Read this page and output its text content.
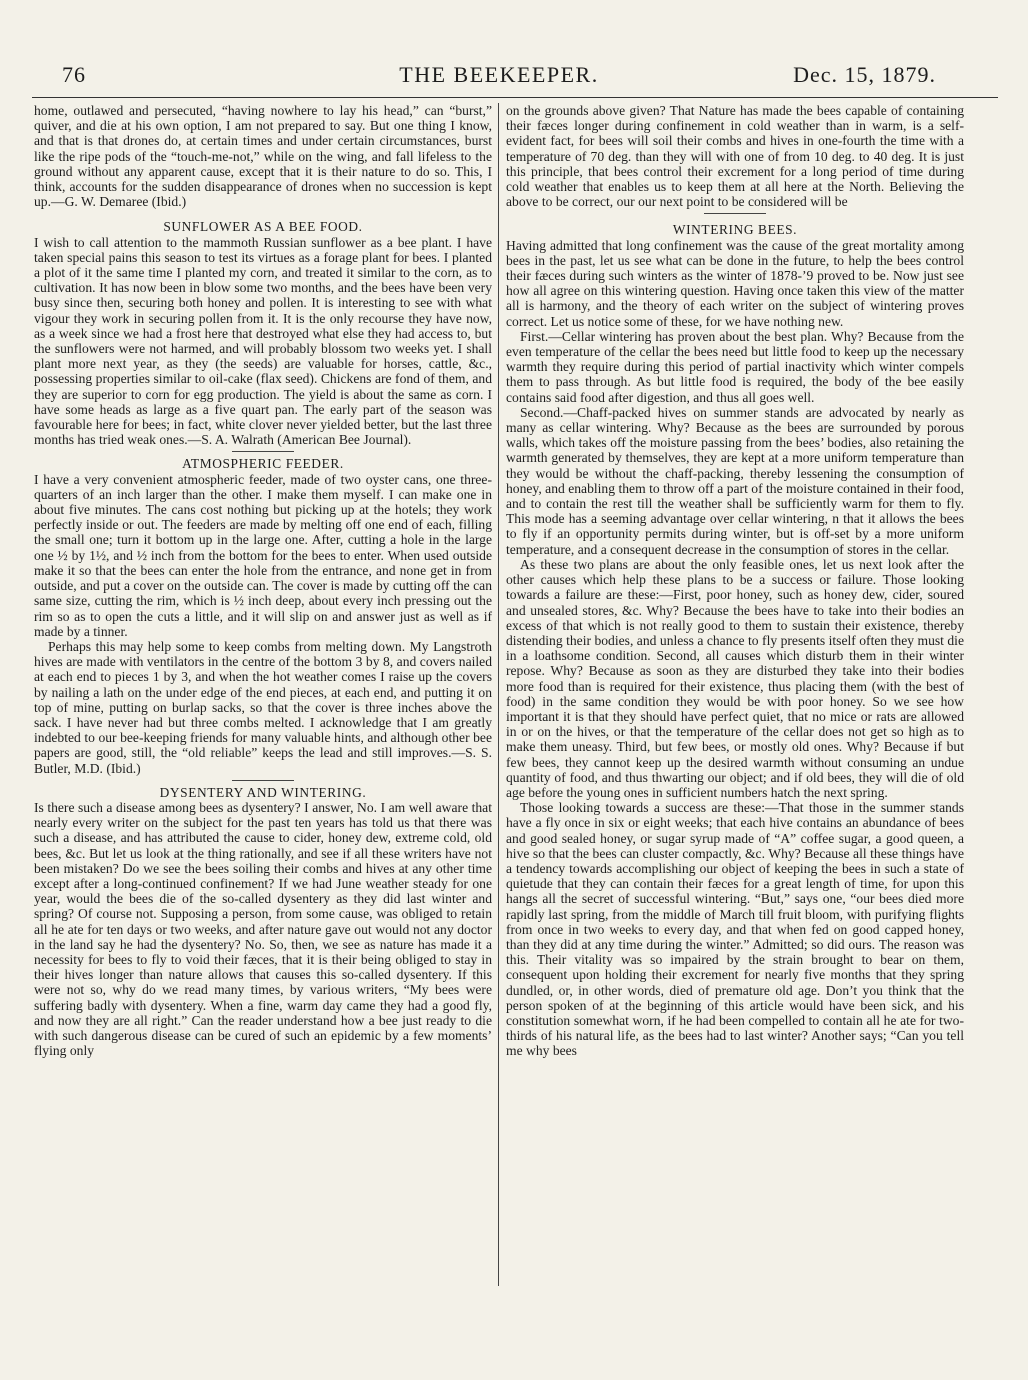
76	THE BEEKEEPER.	Dec. 15, 1879.

home, outlawed and persecuted, “having nowhere to lay his head,” can “burst,” quiver, and die at his own option, I am not prepared to say. But one thing I know, and that is that drones do, at certain times and under certain circumstances, burst like the ripe pods of the “touch-me-not,” while on the wing, and fall lifeless to the ground without any apparent cause, except that it is their nature to do so. This, I think, accounts for the sudden disappearance of drones when no succession is kept up.—G. W. Demaree (Ibid.)

SUNFLOWER AS A BEE FOOD.

I wish to call attention to the mammoth Russian sunflower as a bee plant. I have taken special pains this season to test its virtues as a forage plant for bees. I planted a plot of it the same time I planted my corn, and treated it similar to the corn, as to cultivation. It has now been in blow some two months, and the bees have been very busy since then, securing both honey and pollen. It is interesting to see with what vigour they work in securing pollen from it. It is the only recourse they have now, as a week since we had a frost here that destroyed what else they had access to, but the sunflowers were not harmed, and will probably blossom two weeks yet. I shall plant more next year, as they (the seeds) are valuable for horses, cattle, &c., possessing properties similar to oil-cake (flax seed). Chickens are fond of them, and they are superior to corn for egg production. The yield is about the same as corn. I have some heads as large as a five quart pan. The early part of the season was favourable here for bees; in fact, white clover never yielded better, but the last three months has tried weak ones.—S. A. Walrath (American Bee Journal).

ATMOSPHERIC FEEDER.

I have a very convenient atmospheric feeder, made of two oyster cans, one three-quarters of an inch larger than the other. I make them myself. I can make one in about five minutes. The cans cost nothing but picking up at the hotels; they work perfectly inside or out. The feeders are made by melting off one end of each, filling the small one; turn it bottom up in the large one. After, cutting a hole in the large one ½ by 1½, and ½ inch from the bottom for the bees to enter. When used outside make it so that the bees can enter the hole from the entrance, and none get in from outside, and put a cover on the outside can. The cover is made by cutting off the can same size, cutting the rim, which is ½ inch deep, about every inch pressing out the rim so as to open the cuts a little, and it will slip on and answer just as well as if made by a tinner.

Perhaps this may help some to keep combs from melting down. My Langstroth hives are made with ventilators in the centre of the bottom 3 by 8, and covers nailed at each end to pieces 1 by 3, and when the hot weather comes I raise up the covers by nailing a lath on the under edge of the end pieces, at each end, and putting it on top of mine, putting on burlap sacks, so that the cover is three inches above the sack. I have never had but three combs melted. I acknowledge that I am greatly indebted to our bee-keeping friends for many valuable hints, and although other bee papers are good, still, the “old reliable” keeps the lead and still improves.—S. S. Butler, M.D. (Ibid.)

DYSENTERY AND WINTERING.

Is there such a disease among bees as dysentery? I answer, No. I am well aware that nearly every writer on the subject for the past ten years has told us that there was such a disease, and has attributed the cause to cider, honey dew, extreme cold, old bees, &c. But let us look at the thing rationally, and see if all these writers have not been mistaken? Do we see the bees soiling their combs and hives at any other time except after a long-continued confinement? If we had June weather steady for one year, would the bees die of the so-called dysentery as they did last winter and spring? Of course not. Supposing a person, from some cause, was obliged to retain all he ate for ten days or two weeks, and after nature gave out would not any doctor in the land say he had the dysentery? No. So, then, we see as nature has made it a necessity for bees to fly to void their fæces, that it is their being obliged to stay in their hives longer than nature allows that causes this so-called dysentery. If this were not so, why do we read many times, by various writers, “My bees were suffering badly with dysentery. When a fine, warm day came they had a good fly, and now they are all right.” Can the reader understand how a bee just ready to die with such dangerous disease can be cured of such an epidemic by a few moments’ flying only

on the grounds above given? That Nature has made the bees capable of containing their fæces longer during confinement in cold weather than in warm, is a self-evident fact, for bees will soil their combs and hives in one-fourth the time with a temperature of 70 deg. than they will with one of from 10 deg. to 40 deg. It is just this principle, that bees control their excrement for a long period of time during cold weather that enables us to keep them at all here at the North. Believing the above to be correct, our our next point to be considered will be

WINTERING BEES.

Having admitted that long confinement was the cause of the great mortality among bees in the past, let us see what can be done in the future, to help the bees control their fæces during such winters as the winter of 1878-’9 proved to be. Now just see how all agree on this wintering question. Having once taken this view of the matter all is harmony, and the theory of each writer on the subject of wintering proves correct. Let us notice some of these, for we have nothing new.

First.—Cellar wintering has proven about the best plan. Why? Because from the even temperature of the cellar the bees need but little food to keep up the necessary warmth they require during this period of partial inactivity which winter compels them to pass through. As but little food is required, the body of the bee easily contains said food after digestion, and thus all goes well.

Second.—Chaff-packed hives on summer stands are advocated by nearly as many as cellar wintering. Why? Because as the bees are surrounded by porous walls, which takes off the moisture passing from the bees’ bodies, also retaining the warmth generated by themselves, they are kept at a more uniform temperature than they would be without the chaff-packing, thereby lessening the consumption of honey, and enabling them to throw off a part of the moisture contained in their food, and to contain the rest till the weather shall be sufficiently warm for them to fly. This mode has a seeming advantage over cellar wintering, n that it allows the bees to fly if an opportunity permits during winter, but is off-set by a more uniform temperature, and a consequent decrease in the consumption of stores in the cellar.

As these two plans are about the only feasible ones, let us next look after the other causes which help these plans to be a success or failure. Those looking towards a failure are these:—First, poor honey, such as honey dew, cider, soured and unsealed stores, &c. Why? Because the bees have to take into their bodies an excess of that which is not really good to them to sustain their existence, thereby distending their bodies, and unless a chance to fly presents itself often they must die in a loathsome condition. Second, all causes which disturb them in their winter repose. Why? Because as soon as they are disturbed they take into their bodies more food than is required for their existence, thus placing them (with the best of food) in the same condition they would be with poor honey. So we see how important it is that they should have perfect quiet, that no mice or rats are allowed in or on the hives, or that the temperature of the cellar does not get so high as to make them uneasy. Third, but few bees, or mostly old ones. Why? Because if but few bees, they cannot keep up the desired warmth without consuming an undue quantity of food, and thus thwarting our object; and if old bees, they will die of old age before the young ones in sufficient numbers hatch the next spring.

Those looking towards a success are these:—That those in the summer stands have a fly once in six or eight weeks; that each hive contains an abundance of bees and good sealed honey, or sugar syrup made of “A” coffee sugar, a good queen, a hive so that the bees can cluster compactly, &c. Why? Because all these things have a tendency towards accomplishing our object of keeping the bees in such a state of quietude that they can contain their fæces for a great length of time, for upon this hangs all the secret of successful wintering. “But,” says one, “our bees died more rapidly last spring, from the middle of March till fruit bloom, with purifying flights from once in two weeks to every day, and that when fed on good capped honey, than they did at any time during the winter.” Admitted; so did ours. The reason was this. Their vitality was so impaired by the strain brought to bear on them, consequent upon holding their excrement for nearly five months that they spring dundled, or, in other words, died of premature old age. Don’t you think that the person spoken of at the beginning of this article would have been sick, and his constitution somewhat worn, if he had been compelled to contain all he ate for two-thirds of his natural life, as the bees had to last winter? Another says; “Can you tell me why bees
